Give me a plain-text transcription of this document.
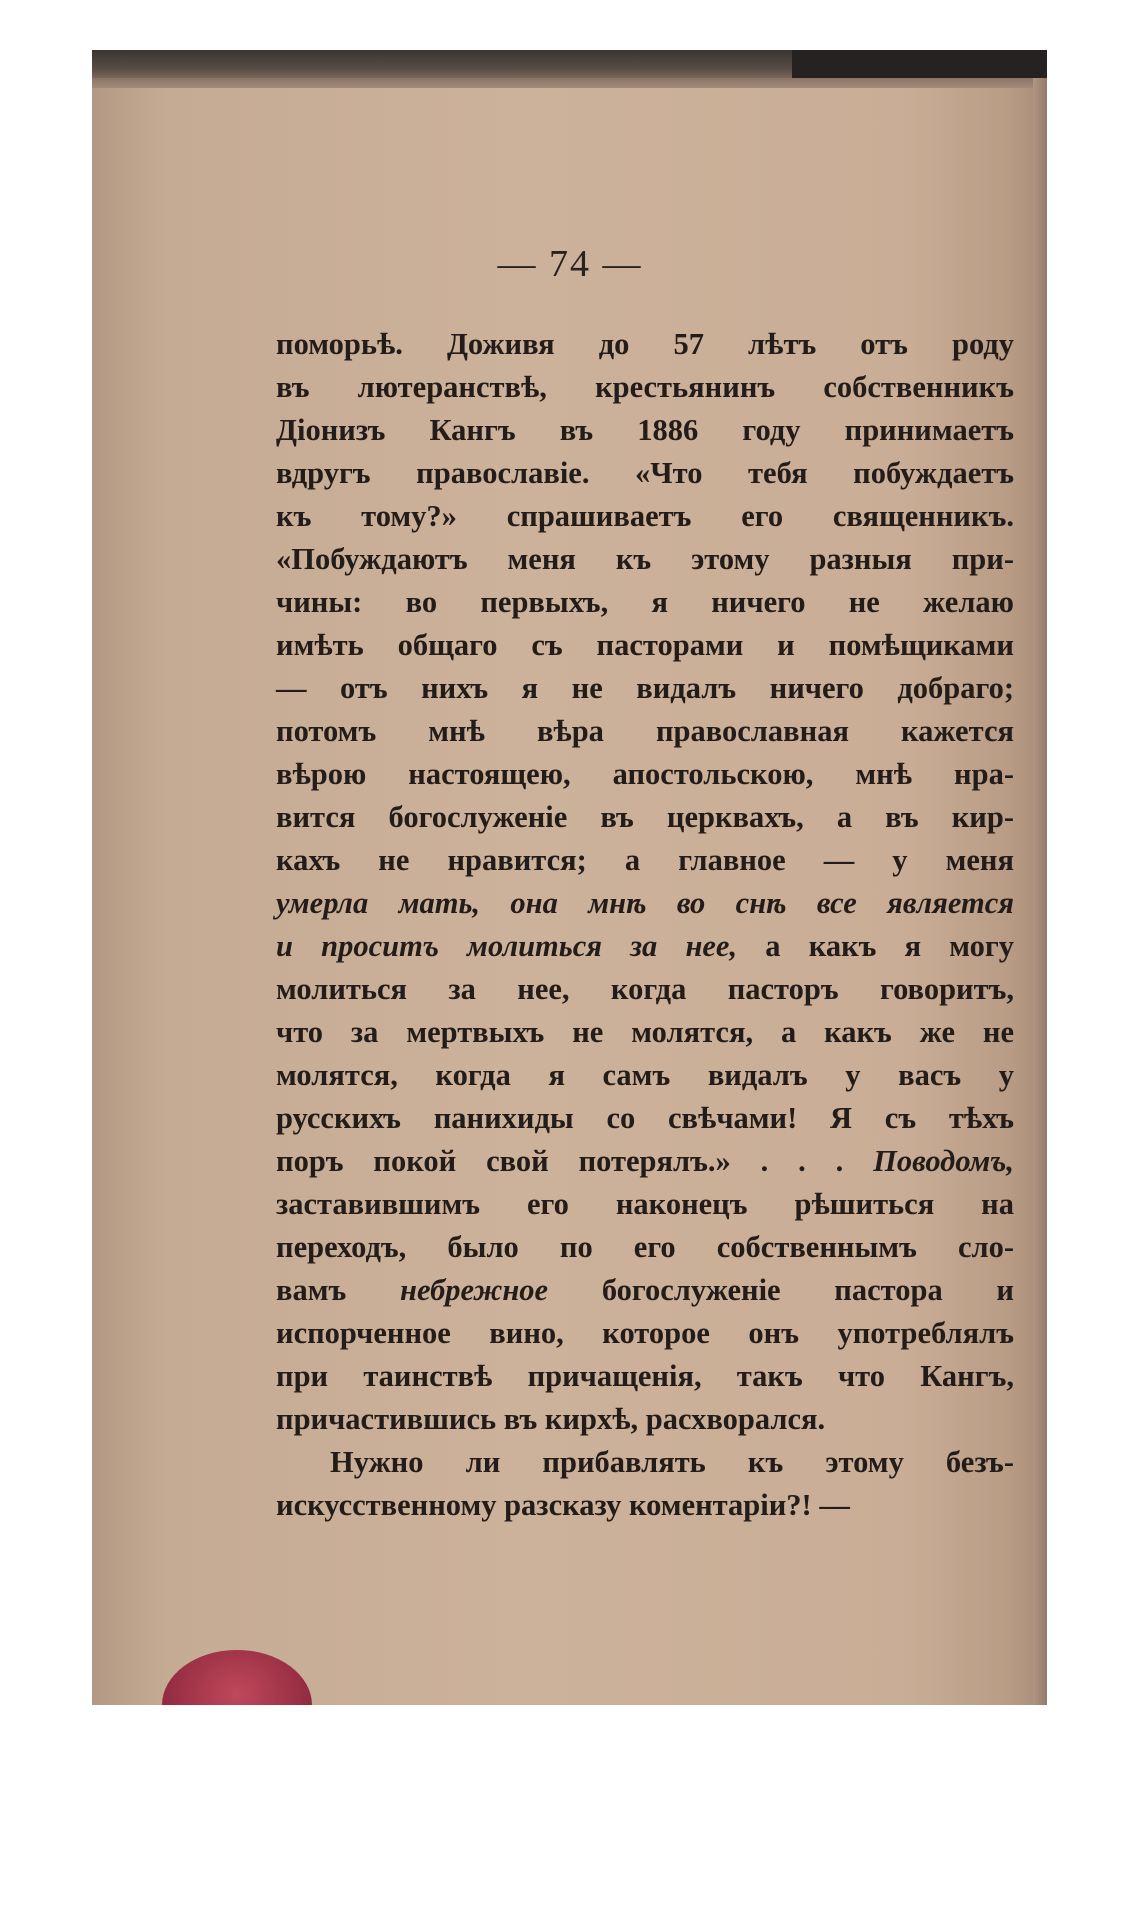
— 74 —
поморьѣ. Доживя до 57 лѣтъ отъ роду
въ лютеранствѣ, крестьянинъ собственникъ
Діонизъ Кангъ въ 1886 году принимаетъ
вдругъ православіе. «Что тебя побуждаетъ
къ тому?» спрашиваетъ его священникъ.
«Побуждаютъ меня къ этому разныя при-
чины: во первыхъ, я ничего не желаю
имѣть общаго съ пасторами и помѣщиками
— отъ нихъ я не видалъ ничего добраго;
потомъ мнѣ вѣра православная кажется
вѣрою настоящею, апостольскою, мнѣ нра-
вится богослуженіе въ церквахъ, а въ кир-
кахъ не нравится; а главное — у меня
умерла мать, она мнѣ во снѣ все является
и проситъ молиться за нее, а какъ я могу
молиться за нее, когда пасторъ говоритъ,
что за мертвыхъ не молятся, а какъ же не
молятся, когда я самъ видалъ у васъ у
русскихъ панихиды со свѣчами! Я съ тѣхъ
поръ покой свой потерялъ.» . . . Поводомъ,
заставившимъ его наконецъ рѣшиться на
переходъ, было по его собственнымъ сло-
вамъ небрежное богослуженіе пастора и
испорченное вино, которое онъ употреблялъ
при таинствѣ причащенія, такъ что Кангъ,
причастившись въ кирхѣ, расхворался.
Нужно ли прибавлять къ этому безъ-
искусственному разсказу коментаріи?! —
